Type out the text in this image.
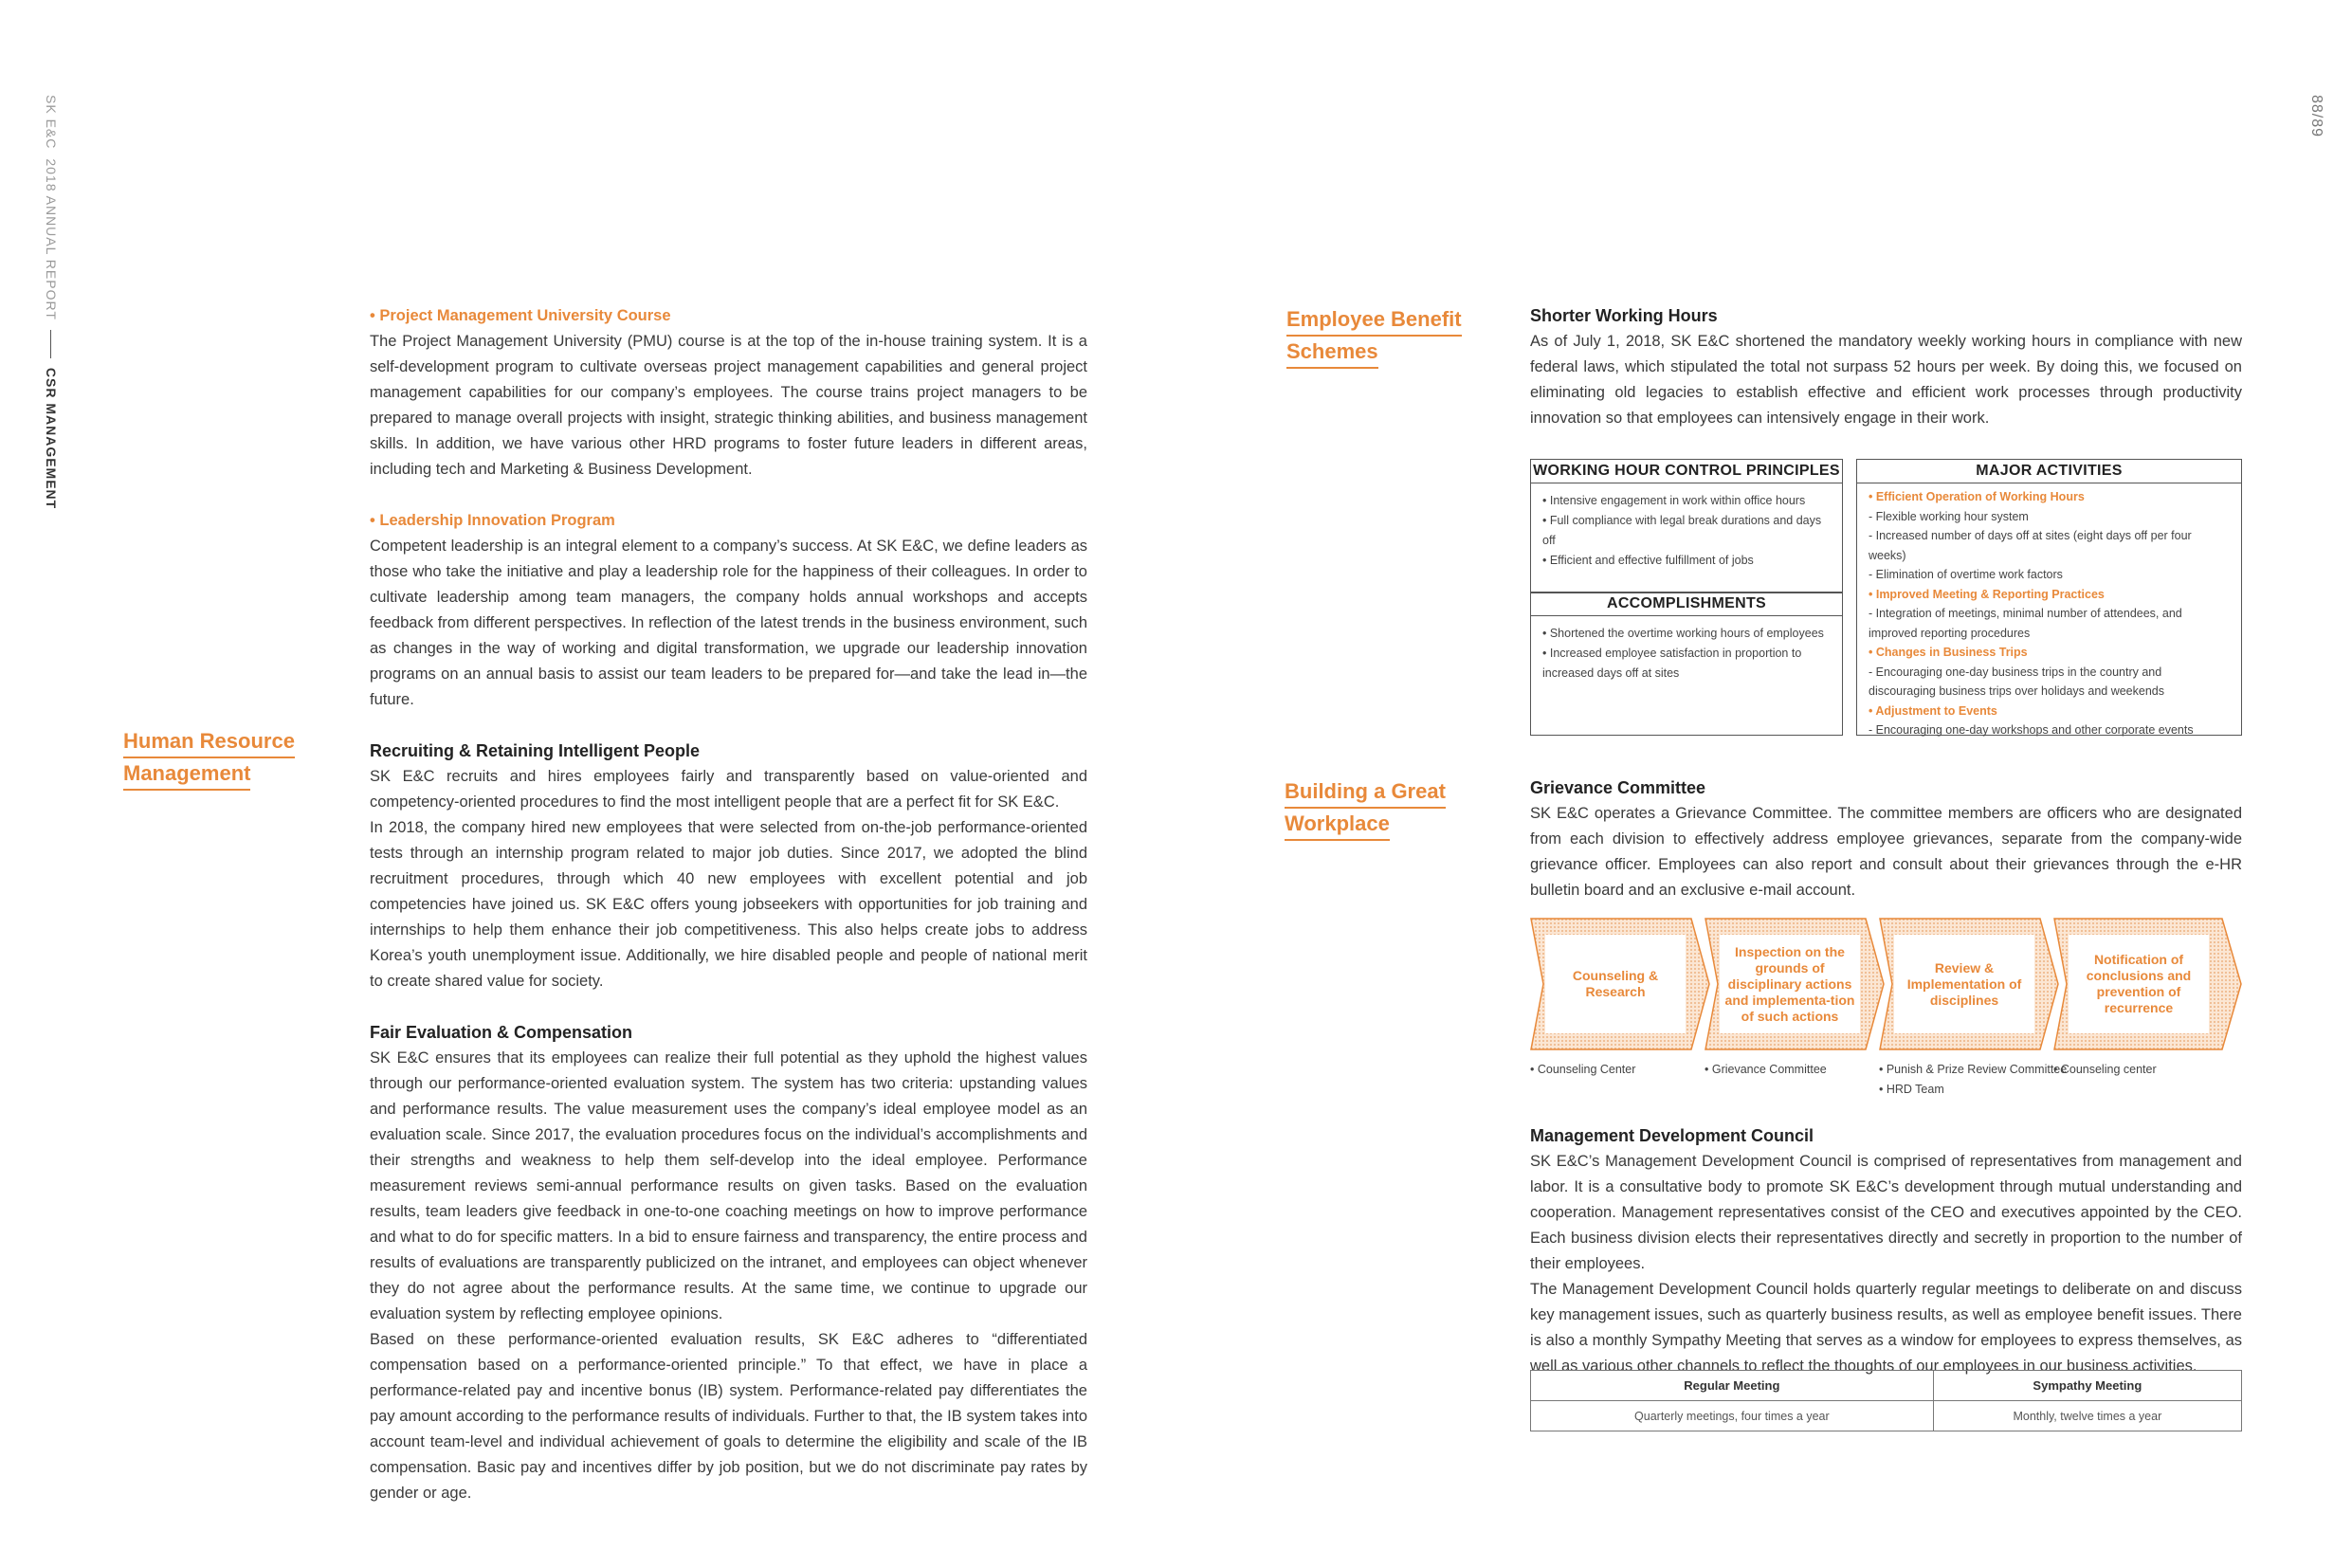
SK E&C
2018 ANNUAL REPORT
CSR MANAGEMENT
88/89
Human Resource
Management

• Project Management University Course

The Project Management University (PMU) course is at the top of the in-house training system. It is a self-development program to cultivate overseas project management capabilities and general project management capabilities for our company’s employees. The course trains project managers to be prepared to manage overall projects with insight, strategic thinking abilities, and business management skills. In addition, we have various other HRD programs to foster future leaders in different areas, including tech and Marketing & Business Development.

• Leadership Innovation Program

Competent leadership is an integral element to a company’s success. At SK E&C, we define leaders as those who take the initiative and play a leadership role for the happiness of their colleagues. In order to cultivate leadership among team managers, the company holds annual workshops and accepts feedback from different perspectives. In reflection of the latest trends in the business environment, such as changes in the way of working and digital transformation, we upgrade our leadership innovation programs on an annual basis to assist our team leaders to be prepared for—and take the lead in—the future.

Recruiting & Retaining Intelligent People

SK E&C recruits and hires employees fairly and transparently based on value-oriented and competency-oriented procedures to find the most intelligent people that are a perfect fit for SK E&C.

In 2018, the company hired new employees that were selected from on-the-job performance-oriented tests through an internship program related to major job duties. Since 2017, we adopted the blind recruitment procedures, through which 40 new employees with excellent potential and job competencies have joined us. SK E&C offers young jobseekers with opportunities for job training and internships to help them enhance their job competitiveness. This also helps create jobs to address Korea’s youth unemployment issue. Additionally, we hire disabled people and people of national merit to create shared value for society.

Fair Evaluation & Compensation

SK E&C ensures that its employees can realize their full potential as they uphold the highest values through our performance-oriented evaluation system. The system has two criteria: upstanding values and performance results. The value measurement uses the company’s ideal employee model as an evaluation scale. Since 2017, the evaluation procedures focus on the individual’s accomplishments and their strengths and weakness to help them self-develop into the ideal employee. Performance measurement reviews semi-annual performance results on given tasks. Based on the evaluation results, team leaders give feedback in one-to-one coaching meetings on how to improve performance and what to do for specific matters. In a bid to ensure fairness and transparency, the entire process and results of evaluations are transparently publicized on the intranet, and employees can object whenever they do not agree about the performance results. At the same time, we continue to upgrade our evaluation system by reflecting employee opinions.

Based on these performance-oriented evaluation results, SK E&C adheres to “differentiated compensation based on a performance-oriented principle.” To that effect, we have in place a performance-related pay and incentive bonus (IB) system. Performance-related pay differentiates the pay amount according to the performance results of individuals. Further to that, the IB system takes into account team-level and individual achievement of goals to determine the eligibility and scale of the IB compensation. Basic pay and incentives differ by job position, but we do not discriminate pay rates by gender or age.

Employee Benefit
Schemes

Shorter Working Hours

As of July 1, 2018, SK E&C shortened the mandatory weekly working hours in compliance with new federal laws, which stipulated the total not surpass 52 hours per week. By doing this, we focused on eliminating old legacies to establish effective and efficient work processes through productivity innovation so that employees can intensively engage in their work.

WORKING HOUR CONTROL PRINCIPLES
• Intensive engagement in work within office hours
• Full compliance with legal break durations and days off
• Efficient and effective fulfillment of jobs
ACCOMPLISHMENTS
• Shortened the overtime working hours of employees
• Increased employee satisfaction in proportion to increased days off at sites
MAJOR ACTIVITIES
• Efficient Operation of Working Hours
- Flexible working hour system
- Increased number of days off at sites (eight days off per four weeks)
- Elimination of overtime work factors
• Improved Meeting & Reporting Practices
- Integration of meetings, minimal number of attendees, and improved reporting procedures
• Changes in Business Trips
- Encouraging one-day business trips in the country and discouraging business trips over holidays and weekends
• Adjustment to Events
- Encouraging one-day workshops and other corporate events
Building a Great
Workplace

Grievance Committee

SK E&C operates a Grievance Committee. The committee members are officers who are designated from each division to effectively address employee grievances, separate from the company-wide grievance officer. Employees can also report and consult about their grievances through the e-HR bulletin board and an exclusive e-mail account.

Counseling & Research
Inspection on the grounds of disciplinary actions and implementa-tion of such actions
Review & Implementation of disciplines
Notification of conclusions and prevention of recurrence
• Counseling Center	• Grievance Committee	• Punish & Prize Review Committee
• HRD Team
• Counseling center

Management Development Council

SK E&C’s Management Development Council is comprised of representatives from management and labor. It is a consultative body to promote SK E&C’s development through mutual understanding and cooperation. Management representatives consist of the CEO and executives appointed by the CEO. Each business division elects their representatives directly and secretly in proportion to the number of their employees.

The Management Development Council holds quarterly regular meetings to deliberate on and discuss key management issues, such as quarterly business results, as well as employee benefit issues. There is also a monthly Sympathy Meeting that serves as a window for employees to express themselves, as well as various other channels to reflect the thoughts of our employees in our business activities.

Regular Meeting	Sympathy Meeting
Quarterly meetings, four times a year	Monthly, twelve times a year
